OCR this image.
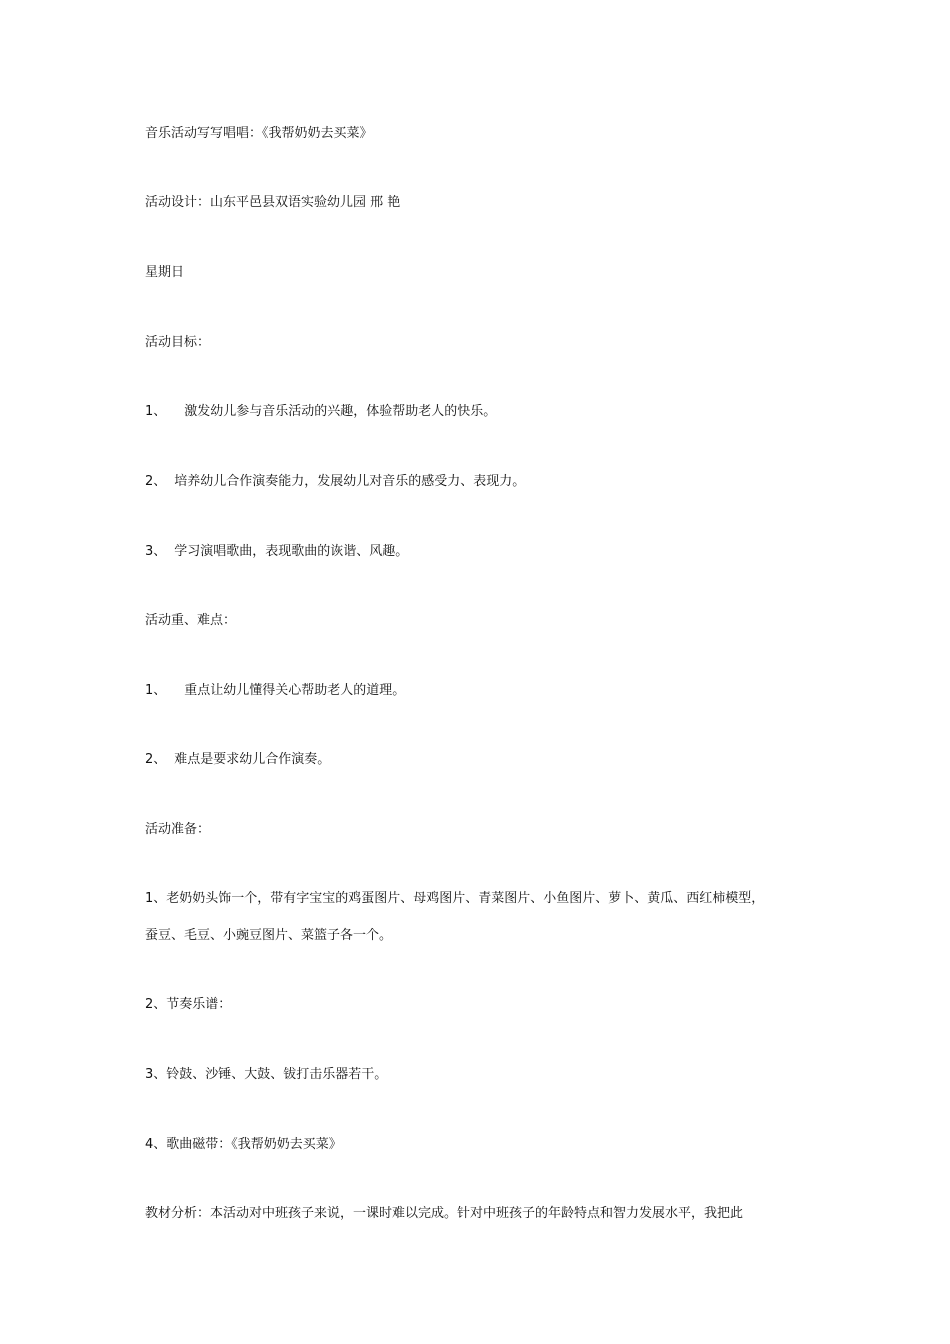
音乐活动写写唱唱：《我帮奶奶去买菜》
活动设计：山东平邑县双语实验幼儿园 邢 艳
星期日
活动目标：
1、 激发幼儿参与音乐活动的兴趣，体验帮助老人的快乐。
2、 培养幼儿合作演奏能力，发展幼儿对音乐的感受力、表现力。
3、 学习演唱歌曲，表现歌曲的诙谐、风趣。
活动重、难点：
1、 重点让幼儿懂得关心帮助老人的道理。
2、 难点是要求幼儿合作演奏。
活动准备：
1、老奶奶头饰一个，带有字宝宝的鸡蛋图片、母鸡图片、青菜图片、小鱼图片、萝卜、黄瓜、西红柿模型，
蚕豆、毛豆、小豌豆图片、菜篮子各一个。
2、节奏乐谱：
3、铃鼓、沙锤、大鼓、钹打击乐器若干。
4、歌曲磁带：《我帮奶奶去买菜》
教材分析：本活动对中班孩子来说，一课时难以完成。针对中班孩子的年龄特点和智力发展水平，我把此
